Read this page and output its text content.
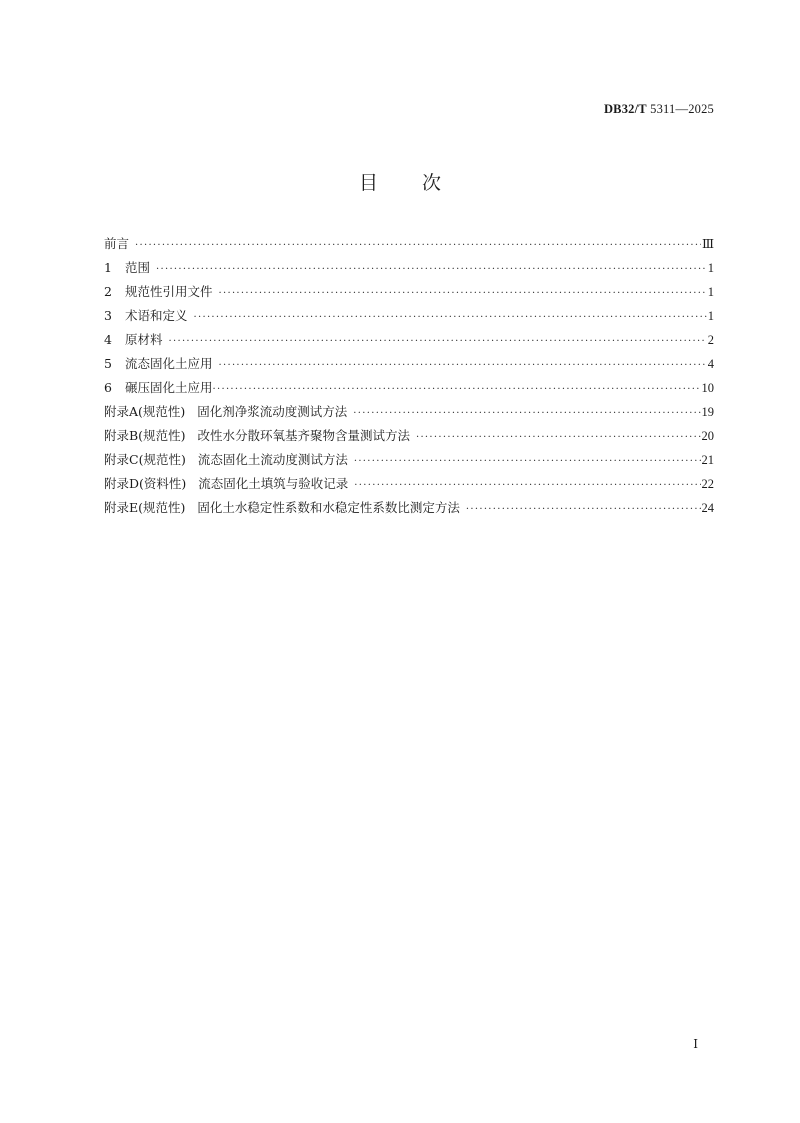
DB32/T 5311—2025
目次
前言 ·····	Ⅲ
1 范围 ·····	1
2 规范性引用文件 ·····	1
3 术语和定义 ·····	1
4 原材料 ·····	2
5 流态固化土应用 ·····	4
6 碾压固化土应用 ·····	10
附录A(规范性) 固化剂净浆流动度测试方法 ·····	19
附录B(规范性) 改性水分散环氧基齐聚物含量测试方法 ·····	20
附录C(规范性) 流态固化土流动度测试方法 ·····	21
附录D(资料性) 流态固化土填筑与验收记录 ·····	22
附录E(规范性) 固化土水稳定性系数和水稳定性系数比测定方法 ·····	24
Ⅰ
